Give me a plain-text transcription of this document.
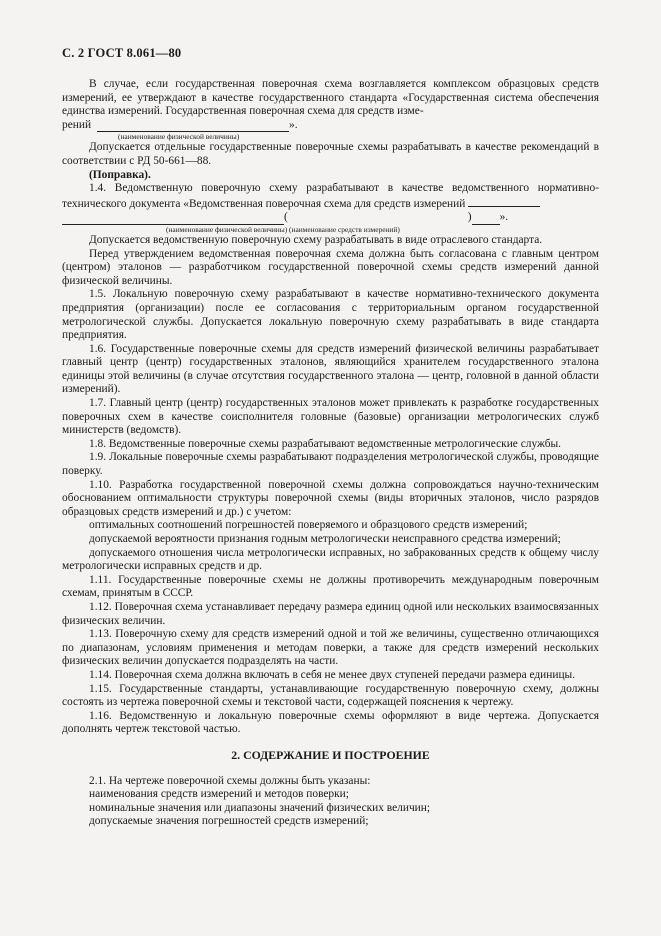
С. 2 ГОСТ 8.061—80

В случае, если государственная поверочная схема возглавляется комплексом образцовых средств измерений, ее утверждают в качестве государственного стандарта «Государственная система обеспечения единства измерений. Государственная поверочная схема для средств изме-

рений	».

(наименование физической величины)

Допускается отдельные государственные поверочные схемы разрабатывать в качестве рекомендаций в соответствии с РД 50-661—88.

(Поправка).

1.4. Ведомственную поверочную схему разрабатывают в качестве ведомственного нормативно-технического документа «Ведомственная поверочная схема для средств измерений

(	) ».

(наименование физической величины) (наименование средств измерений)

Допускается ведомственную поверочную схему разрабатывать в виде отраслевого стандарта.

Перед утверждением ведомственная поверочная схема должна быть согласована с главным центром (центром) эталонов — разработчиком государственной поверочной схемы средств измерений данной физической величины.

1.5. Локальную поверочную схему разрабатывают в качестве нормативно-технического документа предприятия (организации) после ее согласования с территориальным органом государственной метрологической службы. Допускается локальную поверочную схему разрабатывать в виде стандарта предприятия.

1.6. Государственные поверочные схемы для средств измерений физической величины разрабатывает главный центр (центр) государственных эталонов, являющийся хранителем государственного эталона единицы этой величины (в случае отсутствия государственного эталона — центр, головной в данной области измерений).

1.7. Главный центр (центр) государственных эталонов может привлекать к разработке государственных поверочных схем в качестве соисполнителя головные (базовые) организации метрологических служб министерств (ведомств).

1.8. Ведомственные поверочные схемы разрабатывают ведомственные метрологические службы.

1.9. Локальные поверочные схемы разрабатывают подразделения метрологической службы, проводящие поверку.

1.10. Разработка государственной поверочной схемы должна сопровождаться научно-техническим обоснованием оптимальности структуры поверочной схемы (виды вторичных эталонов, число разрядов образцовых средств измерений и др.) с учетом:

оптимальных соотношений погрешностей поверяемого и образцового средств измерений;

допускаемой вероятности признания годным метрологически неисправного средства измерений;

допускаемого отношения числа метрологически исправных, но забракованных средств к общему числу метрологически исправных средств и др.

1.11. Государственные поверочные схемы не должны противоречить международным поверочным схемам, принятым в СССР.

1.12. Поверочная схема устанавливает передачу размера единиц одной или нескольких взаимосвязанных физических величин.

1.13. Поверочную схему для средств измерений одной и той же величины, существенно отличающихся по диапазонам, условиям применения и методам поверки, а также для средств измерений нескольких физических величин допускается подразделять на части.

1.14. Поверочная схема должна включать в себя не менее двух ступеней передачи размера единицы.

1.15. Государственные стандарты, устанавливающие государственную поверочную схему, должны состоять из чертежа поверочной схемы и текстовой части, содержащей пояснения к чертежу.

1.16. Ведомственную и локальную поверочные схемы оформляют в виде чертежа. Допускается дополнять чертеж текстовой частью.

2. СОДЕРЖАНИЕ И ПОСТРОЕНИЕ

2.1. На чертеже поверочной схемы должны быть указаны:

наименования средств измерений и методов поверки;

номинальные значения или диапазоны значений физических величин;

допускаемые значения погрешностей средств измерений;
